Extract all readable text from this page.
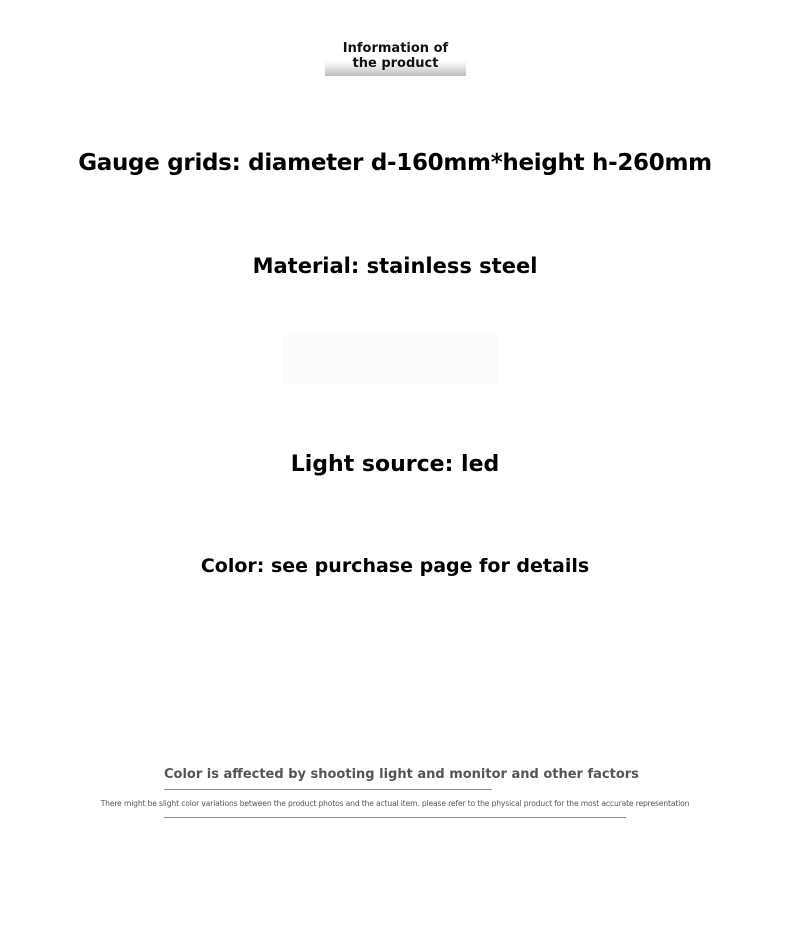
Information of
the product
Gauge grids: diameter d-160mm*height h-260mm
Material: stainless steel
Light source: led
Color: see purchase page for details
Color is affected by shooting light and monitor and other factors
There might be slight color variations between the product photos and the actual item. please refer to the physical product for the most accurate representation
